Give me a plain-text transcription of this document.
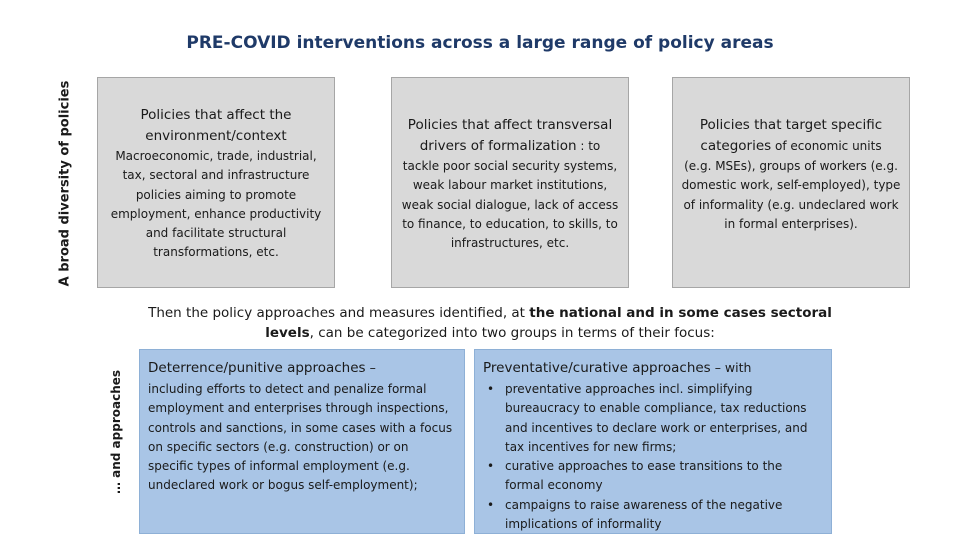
PRE-COVID interventions across a large range of policy areas
A broad diversity of policies
… and approaches
Policies that affect the environment/context
Macroeconomic, trade, industrial, tax, sectoral and infrastructure policies aiming to promote employment, enhance productivity and facilitate structural transformations, etc.
Policies that affect transversal drivers of formalization : to
tackle poor social security systems, weak labour market institutions, weak social dialogue, lack of access to finance, to education, to skills, to infrastructures, etc.
Policies that target specific categories of economic units
(e.g. MSEs), groups of workers (e.g. domestic work, self-employed), type of informality (e.g. undeclared work in formal enterprises).
Then the policy approaches and measures identified, at the national and in some cases sectoral levels, can be categorized into two groups in terms of their focus:
Deterrence/punitive approaches –
including efforts to detect and penalize formal employment and enterprises through inspections, controls and sanctions, in some cases with a focus on specific sectors (e.g. construction) or on specific types of informal employment (e.g. undeclared work or bogus self-employment);
Preventative/curative approaches – with
• preventative approaches incl. simplifying bureaucracy to enable compliance, tax reductions and incentives to declare work or enterprises, and tax incentives for new firms;
• curative approaches to ease transitions to the formal economy
• campaigns to raise awareness of the negative implications of informality
